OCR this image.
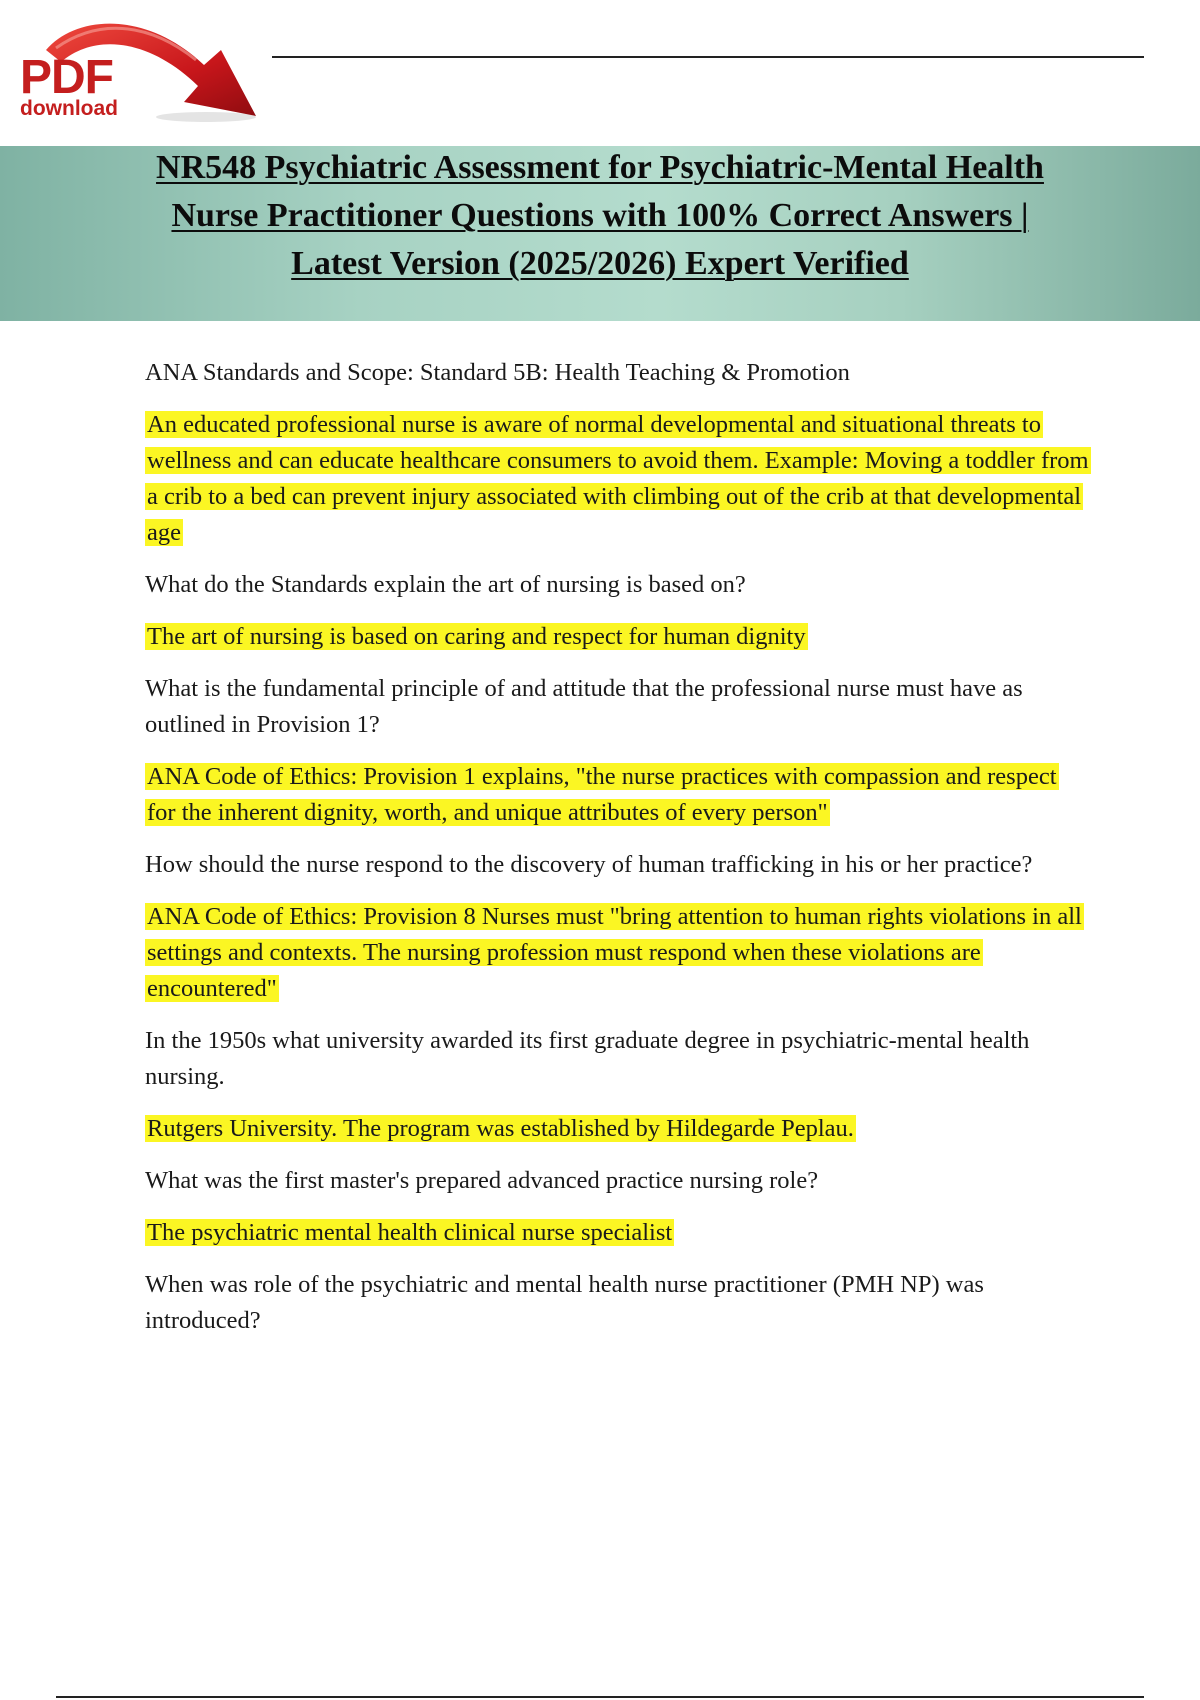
PDF
download
NR548 Psychiatric Assessment for Psychiatric-Mental Health Nurse Practitioner Questions with 100% Correct Answers | Latest Version (2025/2026) Expert Verified
ANA Standards and Scope: Standard 5B: Health Teaching & Promotion
An educated professional nurse is aware of normal developmental and situational threats to wellness and can educate healthcare consumers to avoid them. Example: Moving a toddler from a crib to a bed can prevent injury associated with climbing out of the crib at that developmental age
What do the Standards explain the art of nursing is based on?
The art of nursing is based on caring and respect for human dignity
What is the fundamental principle of and attitude that the professional nurse must have as outlined in Provision 1?
ANA Code of Ethics: Provision 1 explains, "the nurse practices with compassion and respect for the inherent dignity, worth, and unique attributes of every person"
How should the nurse respond to the discovery of human trafficking in his or her practice?
ANA Code of Ethics: Provision 8 Nurses must "bring attention to human rights violations in all settings and contexts. The nursing profession must respond when these violations are encountered"
In the 1950s what university awarded its first graduate degree in psychiatric-mental health nursing.
Rutgers University. The program was established by Hildegarde Peplau.
What was the first master's prepared advanced practice nursing role?
The psychiatric mental health clinical nurse specialist
When was role of the psychiatric and mental health nurse practitioner (PMH NP) was introduced?
